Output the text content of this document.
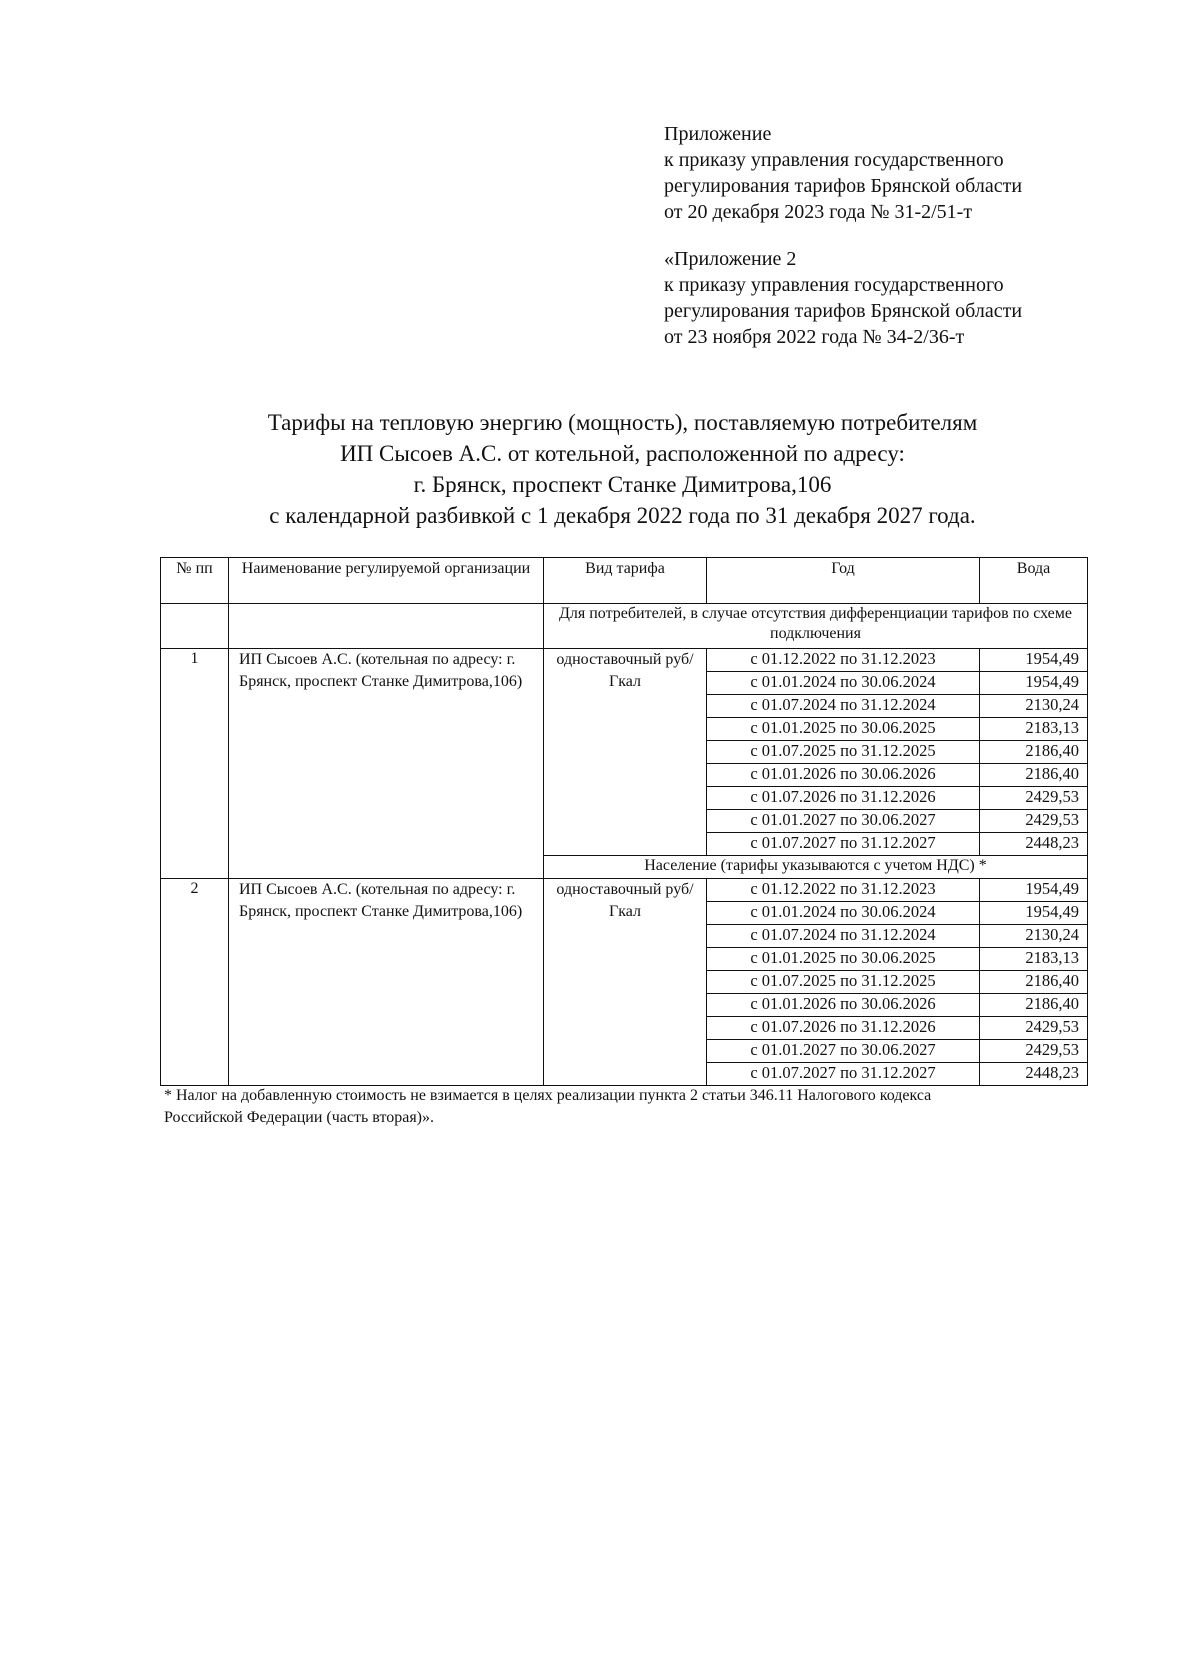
Приложение
к приказу управления государственного
регулирования тарифов Брянской области
от 20 декабря 2023 года № 31-2/51-т
«Приложение 2
к приказу управления государственного
регулирования тарифов Брянской области
от 23 ноября 2022 года № 34-2/36-т
Тарифы на тепловую энергию (мощность), поставляемую потребителям
ИП Сысоев А.С. от котельной, расположенной по адресу:
г. Брянск, проспект Станке Димитрова,106
с календарной разбивкой с 1 декабря 2022 года по 31 декабря 2027 года.
№ пп	Наименование регулируемой организации	Вид тарифа	Год	Вода
		Для потребителей, в случае отсутствия дифференциации тарифов по схеме подключения		
1	ИП Сысоев А.С. (котельная по адресу: г. Брянск, проспект Станке Димитрова,106)	одноставочный руб/Гкал	с 01.12.2022 по 31.12.2023	1954,49
			с 01.01.2024 по 30.06.2024	1954,49
			с 01.07.2024 по 31.12.2024	2130,24
			с 01.01.2025 по 30.06.2025	2183,13
			с 01.07.2025 по 31.12.2025	2186,40
			с 01.01.2026 по 30.06.2026	2186,40
			с 01.07.2026 по 31.12.2026	2429,53
			с 01.01.2027 по 30.06.2027	2429,53
			с 01.07.2027 по 31.12.2027	2448,23
		Население (тарифы указываются с учетом НДС) *		
2	ИП Сысоев А.С. (котельная по адресу: г. Брянск, проспект Станке Димитрова,106)	одноставочный руб/Гкал	с 01.12.2022 по 31.12.2023	1954,49
			с 01.01.2024 по 30.06.2024	1954,49
			с 01.07.2024 по 31.12.2024	2130,24
			с 01.01.2025 по 30.06.2025	2183,13
			с 01.07.2025 по 31.12.2025	2186,40
			с 01.01.2026 по 30.06.2026	2186,40
			с 01.07.2026 по 31.12.2026	2429,53
			с 01.01.2027 по 30.06.2027	2429,53
			с 01.07.2027 по 31.12.2027	2448,23
* Налог на добавленную стоимость не взимается в целях реализации пункта 2 статьи 346.11 Налогового кодекса
Российской Федерации (часть вторая)».
